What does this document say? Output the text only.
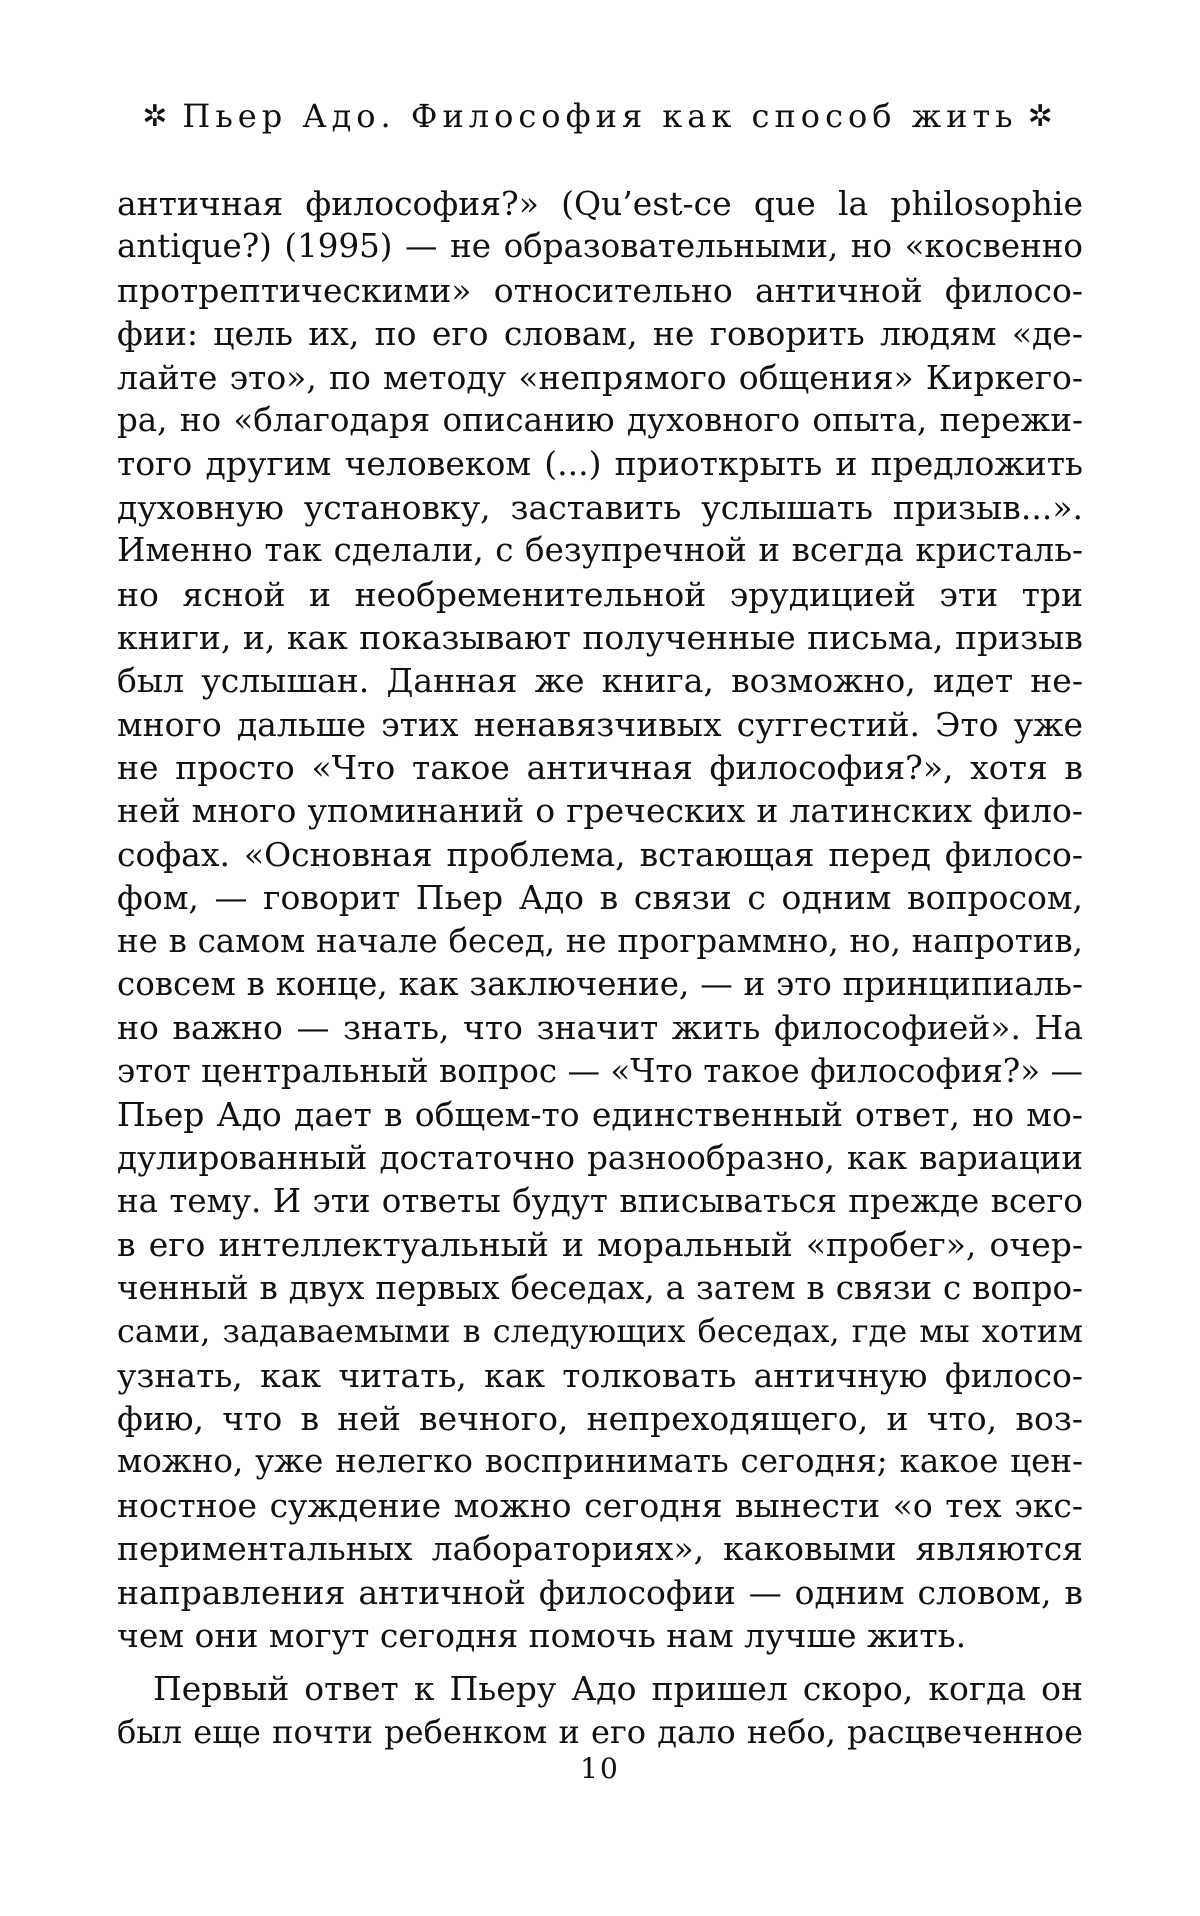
✲ Пьер Адо. Философия как способ жить ✲
античная философия?» (Qu’est-ce que la philosophie
antique?) (1995) — не образовательными, но «косвенно
протрептическими» относительно античной филосо-
фии: цель их, по его словам, не говорить людям «де-
лайте это», по методу «непрямого общения» Киркего-
ра, но «благодаря описанию духовного опыта, пережи-
того другим человеком (...) приоткрыть и предложить
духовную установку, заставить услышать призыв...».
Именно так сделали, с безупречной и всегда кристаль-
но ясной и необременительной эрудицией эти три
книги, и, как показывают полученные письма, призыв
был услышан. Данная же книга, возможно, идет не-
много дальше этих ненавязчивых суггестий. Это уже
не просто «Что такое античная философия?», хотя в
ней много упоминаний о греческих и латинских фило-
софах. «Основная проблема, встающая перед филосо-
фом, — говорит Пьер Адо в связи с одним вопросом,
не в самом начале бесед, не программно, но, напротив,
совсем в конце, как заключение, — и это принципиаль-
но важно — знать, что значит жить философией». На
этот центральный вопрос — «Что такое философия?» —
Пьер Адо дает в общем-то единственный ответ, но мо-
дулированный достаточно разнообразно, как вариации
на тему. И эти ответы будут вписываться прежде всего
в его интеллектуальный и моральный «пробег», очер-
ченный в двух первых беседах, а затем в связи с вопро-
сами, задаваемыми в следующих беседах, где мы хотим
узнать, как читать, как толковать античную филосо-
фию, что в ней вечного, непреходящего, и что, воз-
можно, уже нелегко воспринимать сегодня; какое цен-
ностное суждение можно сегодня вынести «о тех экс-
периментальных лабораториях», каковыми являются
направления античной философии — одним словом, в
чем они могут сегодня помочь нам лучше жить.
Первый ответ к Пьеру Адо пришел скоро, когда он
был еще почти ребенком и его дало небо, расцвеченное
10
